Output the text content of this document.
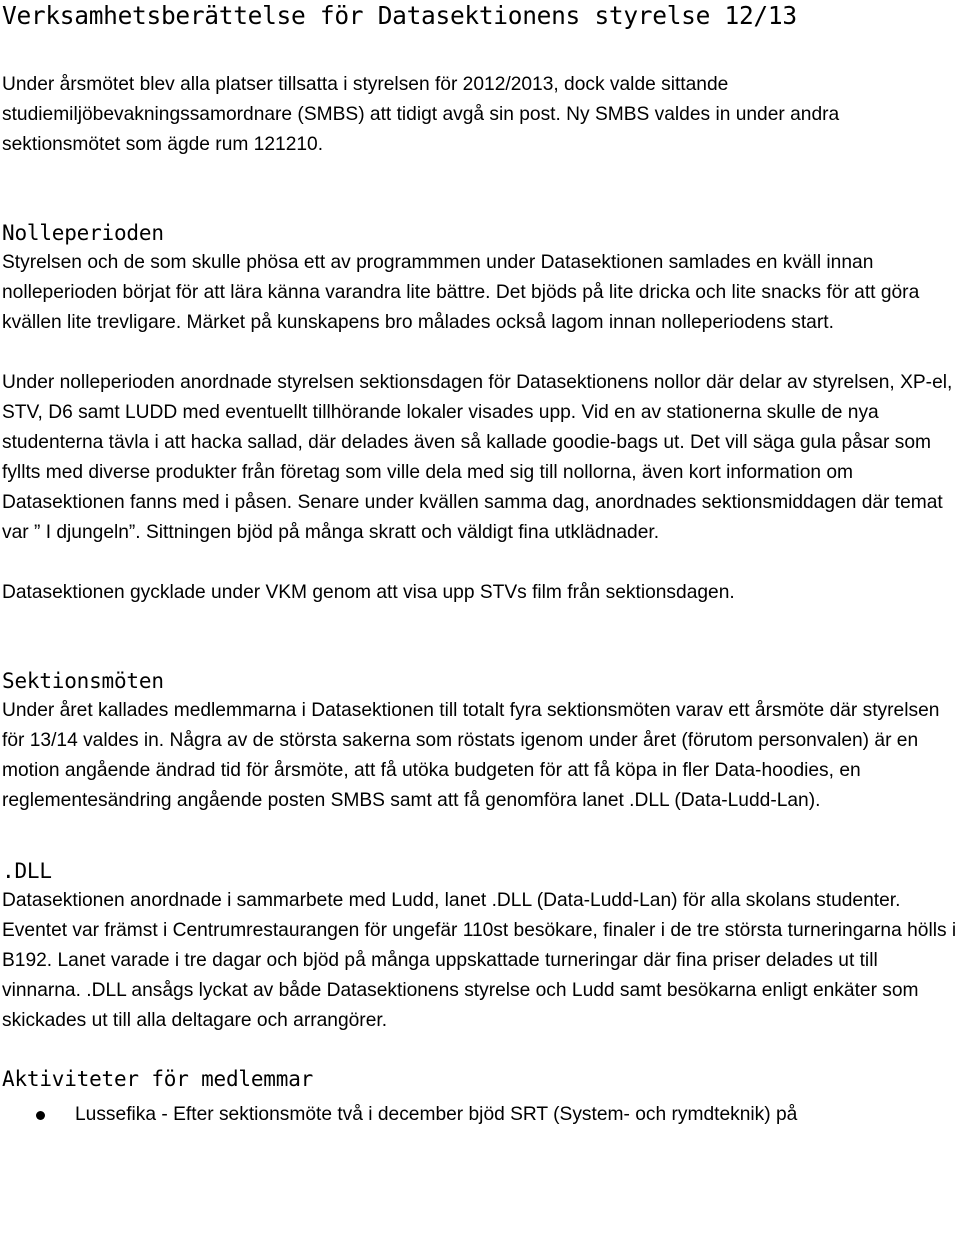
Verksamhetsberättelse för Datasektionens styrelse 12/13

Under årsmötet blev alla platser tillsatta i styrelsen för 2012/2013, dock valde sittande studiemiljöbevakningssamordnare (SMBS) att tidigt avgå sin post. Ny SMBS valdes in under andra sektionsmötet som ägde rum 121210.

Nolleperioden

Styrelsen och de som skulle phösa ett av programmmen under Datasektionen samlades en kväll innan nolleperioden börjat för att lära känna varandra lite bättre. Det bjöds på lite dricka och lite snacks för att göra kvällen lite trevligare. Märket på kunskapens bro målades också lagom innan nolleperiodens start.

Under nolleperioden anordnade styrelsen sektionsdagen för Datasektionens nollor där delar av styrelsen, XP-el, STV, D6 samt LUDD med eventuellt tillhörande lokaler visades upp. Vid en av stationerna skulle de nya studenterna tävla i att hacka sallad, där delades även så kallade goodie-bags ut. Det vill säga gula påsar som fyllts med diverse produkter från företag som ville dela med sig till nollorna, även kort information om Datasektionen fanns med i påsen. Senare under kvällen samma dag, anordnades sektionsmiddagen där temat var ” I djungeln”. Sittningen bjöd på många skratt och väldigt fina utklädnader.

Datasektionen gycklade under VKM genom att visa upp STVs film från sektionsdagen.

Sektionsmöten

Under året kallades medlemmarna i Datasektionen till totalt fyra sektionsmöten varav ett årsmöte där styrelsen för 13/14 valdes in. Några av de största sakerna som röstats igenom under året (förutom personvalen) är en motion angående ändrad tid för årsmöte, att få utöka budgeten för att få köpa in fler Data-hoodies, en reglementesändring angående posten SMBS samt att få genomföra lanet .DLL (Data-Ludd-Lan).

.DLL

Datasektionen anordnade i sammarbete med Ludd, lanet .DLL (Data-Ludd-Lan) för alla skolans studenter. Eventet var främst i Centrumrestaurangen för ungefär 110st besökare, finaler i de tre största turneringarna hölls i B192. Lanet varade i tre dagar och bjöd på många uppskattade turneringar där fina priser delades ut till vinnarna. .DLL ansågs lyckat av både Datasektionens styrelse och Ludd samt besökarna enligt enkäter som skickades ut till alla deltagare och arrangörer.

Aktiviteter för medlemmar
Lussefika - Efter sektionsmöte två i december bjöd SRT (System- och rymdteknik) på
